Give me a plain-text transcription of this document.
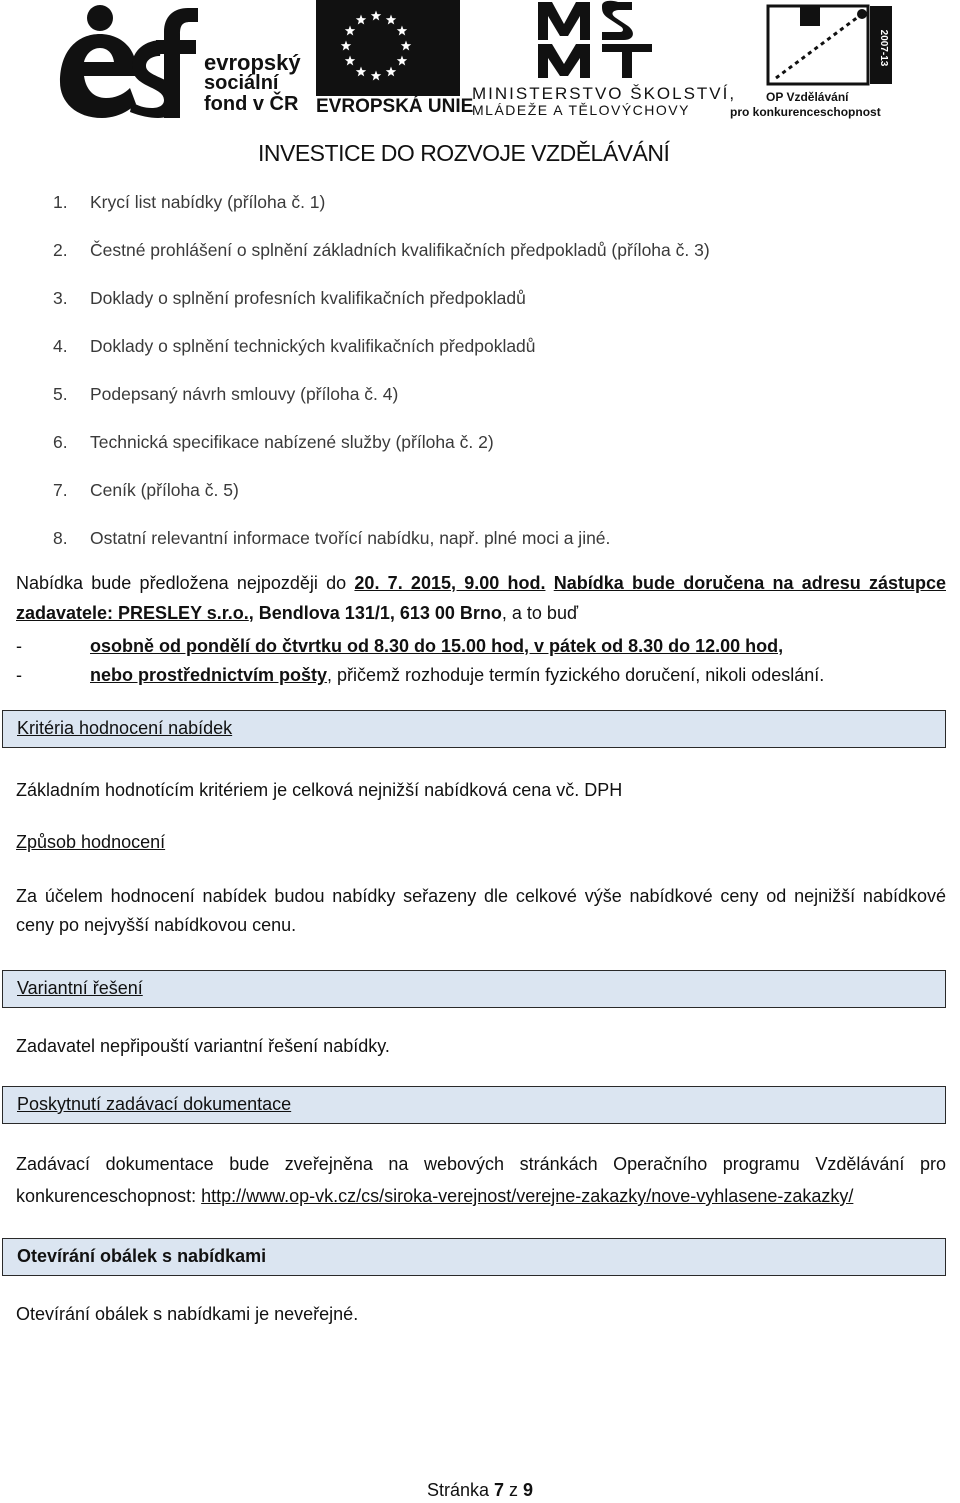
evropský
sociální
fond v ČR EVROPSKÁ UNIE
MINISTERSTVO ŠKOLSTVÍ,
MLÁDEŽE A TĚLOVÝCHOVY
2007-13
OP Vzdělávání
pro konkurenceschopnost
INVESTICE DO ROZVOJE VZDĚLÁVÁNÍ
1.	Krycí list nabídky (příloha č. 1)
2.	Čestné prohlášení o splnění základních kvalifikačních předpokladů (příloha č. 3)
3.	Doklady o splnění profesních kvalifikačních předpokladů
4.	Doklady o splnění technických kvalifikačních předpokladů
5.	Podepsaný návrh smlouvy (příloha č. 4)
6.	Technická specifikace nabízené služby (příloha č. 2)
7.	Ceník (příloha č. 5)
8.	Ostatní relevantní informace tvořící nabídku, např. plné moci a jiné.

Nabídka bude předložena nejpozději do 20. 7. 2015, 9.00 hod. Nabídka bude doručena na adresu zástupce zadavatele: PRESLEY s.r.o., Bendlova 131/1, 613 00 Brno, a to buď

-	osobně od pondělí do čtvrtku od 8.30 do 15.00 hod, v pátek od 8.30 do 12.00 hod,
-	nebo prostřednictvím pošty, přičemž rozhoduje termín fyzického doručení, nikoli odeslání.
Kritéria hodnocení nabídek

Základním hodnotícím kritériem je celková nejnižší nabídková cena vč. DPH

Způsob hodnocení

Za účelem hodnocení nabídek budou nabídky seřazeny dle celkové výše nabídkové ceny od nejnižší nabídkové ceny po nejvyšší nabídkovou cenu.

Variantní řešení

Zadavatel nepřipouští variantní řešení nabídky.

Poskytnutí zadávací dokumentace

Zadávací dokumentace bude zveřejněna na webových stránkách Operačního programu Vzdělávání pro konkurenceschopnost: http://www.op-vk.cz/cs/siroka-verejnost/verejne-zakazky/nove-vyhlasene-zakazky/

Otevírání obálek s nabídkami

Otevírání obálek s nabídkami je neveřejné.

Stránka 7 z 9
